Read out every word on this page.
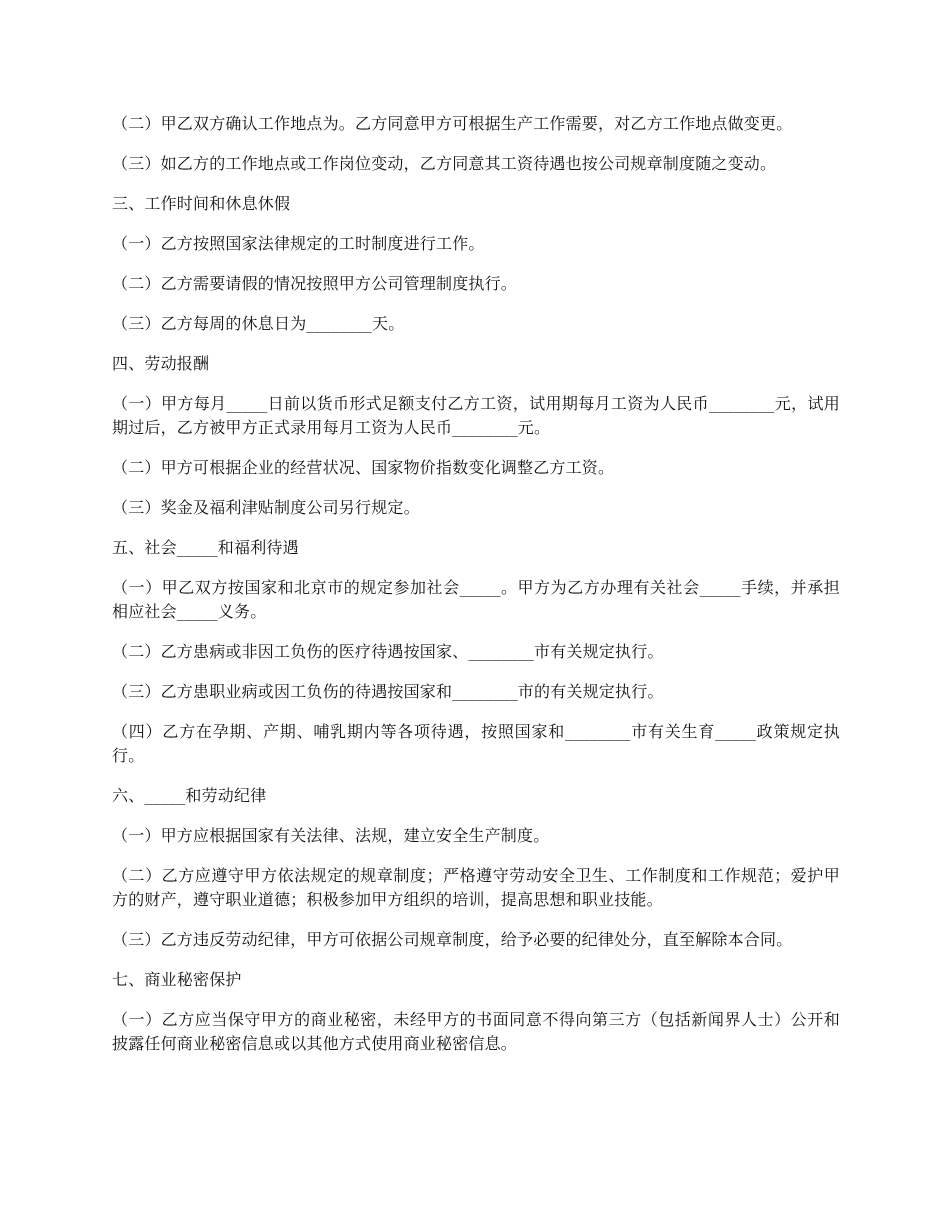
（二）甲乙双方确认工作地点为。乙方同意甲方可根据生产工作需要，对乙方工作地点做变更。

（三）如乙方的工作地点或工作岗位变动，乙方同意其工资待遇也按公司规章制度随之变动。

三、工作时间和休息休假

（一）乙方按照国家法律规定的工时制度进行工作。

（二）乙方需要请假的情况按照甲方公司管理制度执行。

（三）乙方每周的休息日为________天。

四、劳动报酬

（一）甲方每月_____日前以货币形式足额支付乙方工资，试用期每月工资为人民币________元，试用期过后，乙方被甲方正式录用每月工资为人民币________元。

（二）甲方可根据企业的经营状况、国家物价指数变化调整乙方工资。

（三）奖金及福利津贴制度公司另行规定。

五、社会_____和福利待遇

（一）甲乙双方按国家和北京市的规定参加社会_____。甲方为乙方办理有关社会_____手续，并承担相应社会_____义务。

（二）乙方患病或非因工负伤的医疗待遇按国家、________市有关规定执行。

（三）乙方患职业病或因工负伤的待遇按国家和________市的有关规定执行。

（四）乙方在孕期、产期、哺乳期内等各项待遇，按照国家和________市有关生育_____政策规定执行。

六、_____和劳动纪律

（一）甲方应根据国家有关法律、法规，建立安全生产制度。

（二）乙方应遵守甲方依法规定的规章制度；严格遵守劳动安全卫生、工作制度和工作规范；爱护甲方的财产，遵守职业道德；积极参加甲方组织的培训，提高思想和职业技能。

（三）乙方违反劳动纪律，甲方可依据公司规章制度，给予必要的纪律处分，直至解除本合同。

七、商业秘密保护

（一）乙方应当保守甲方的商业秘密，未经甲方的书面同意不得向第三方（包括新闻界人士）公开和披露任何商业秘密信息或以其他方式使用商业秘密信息。
